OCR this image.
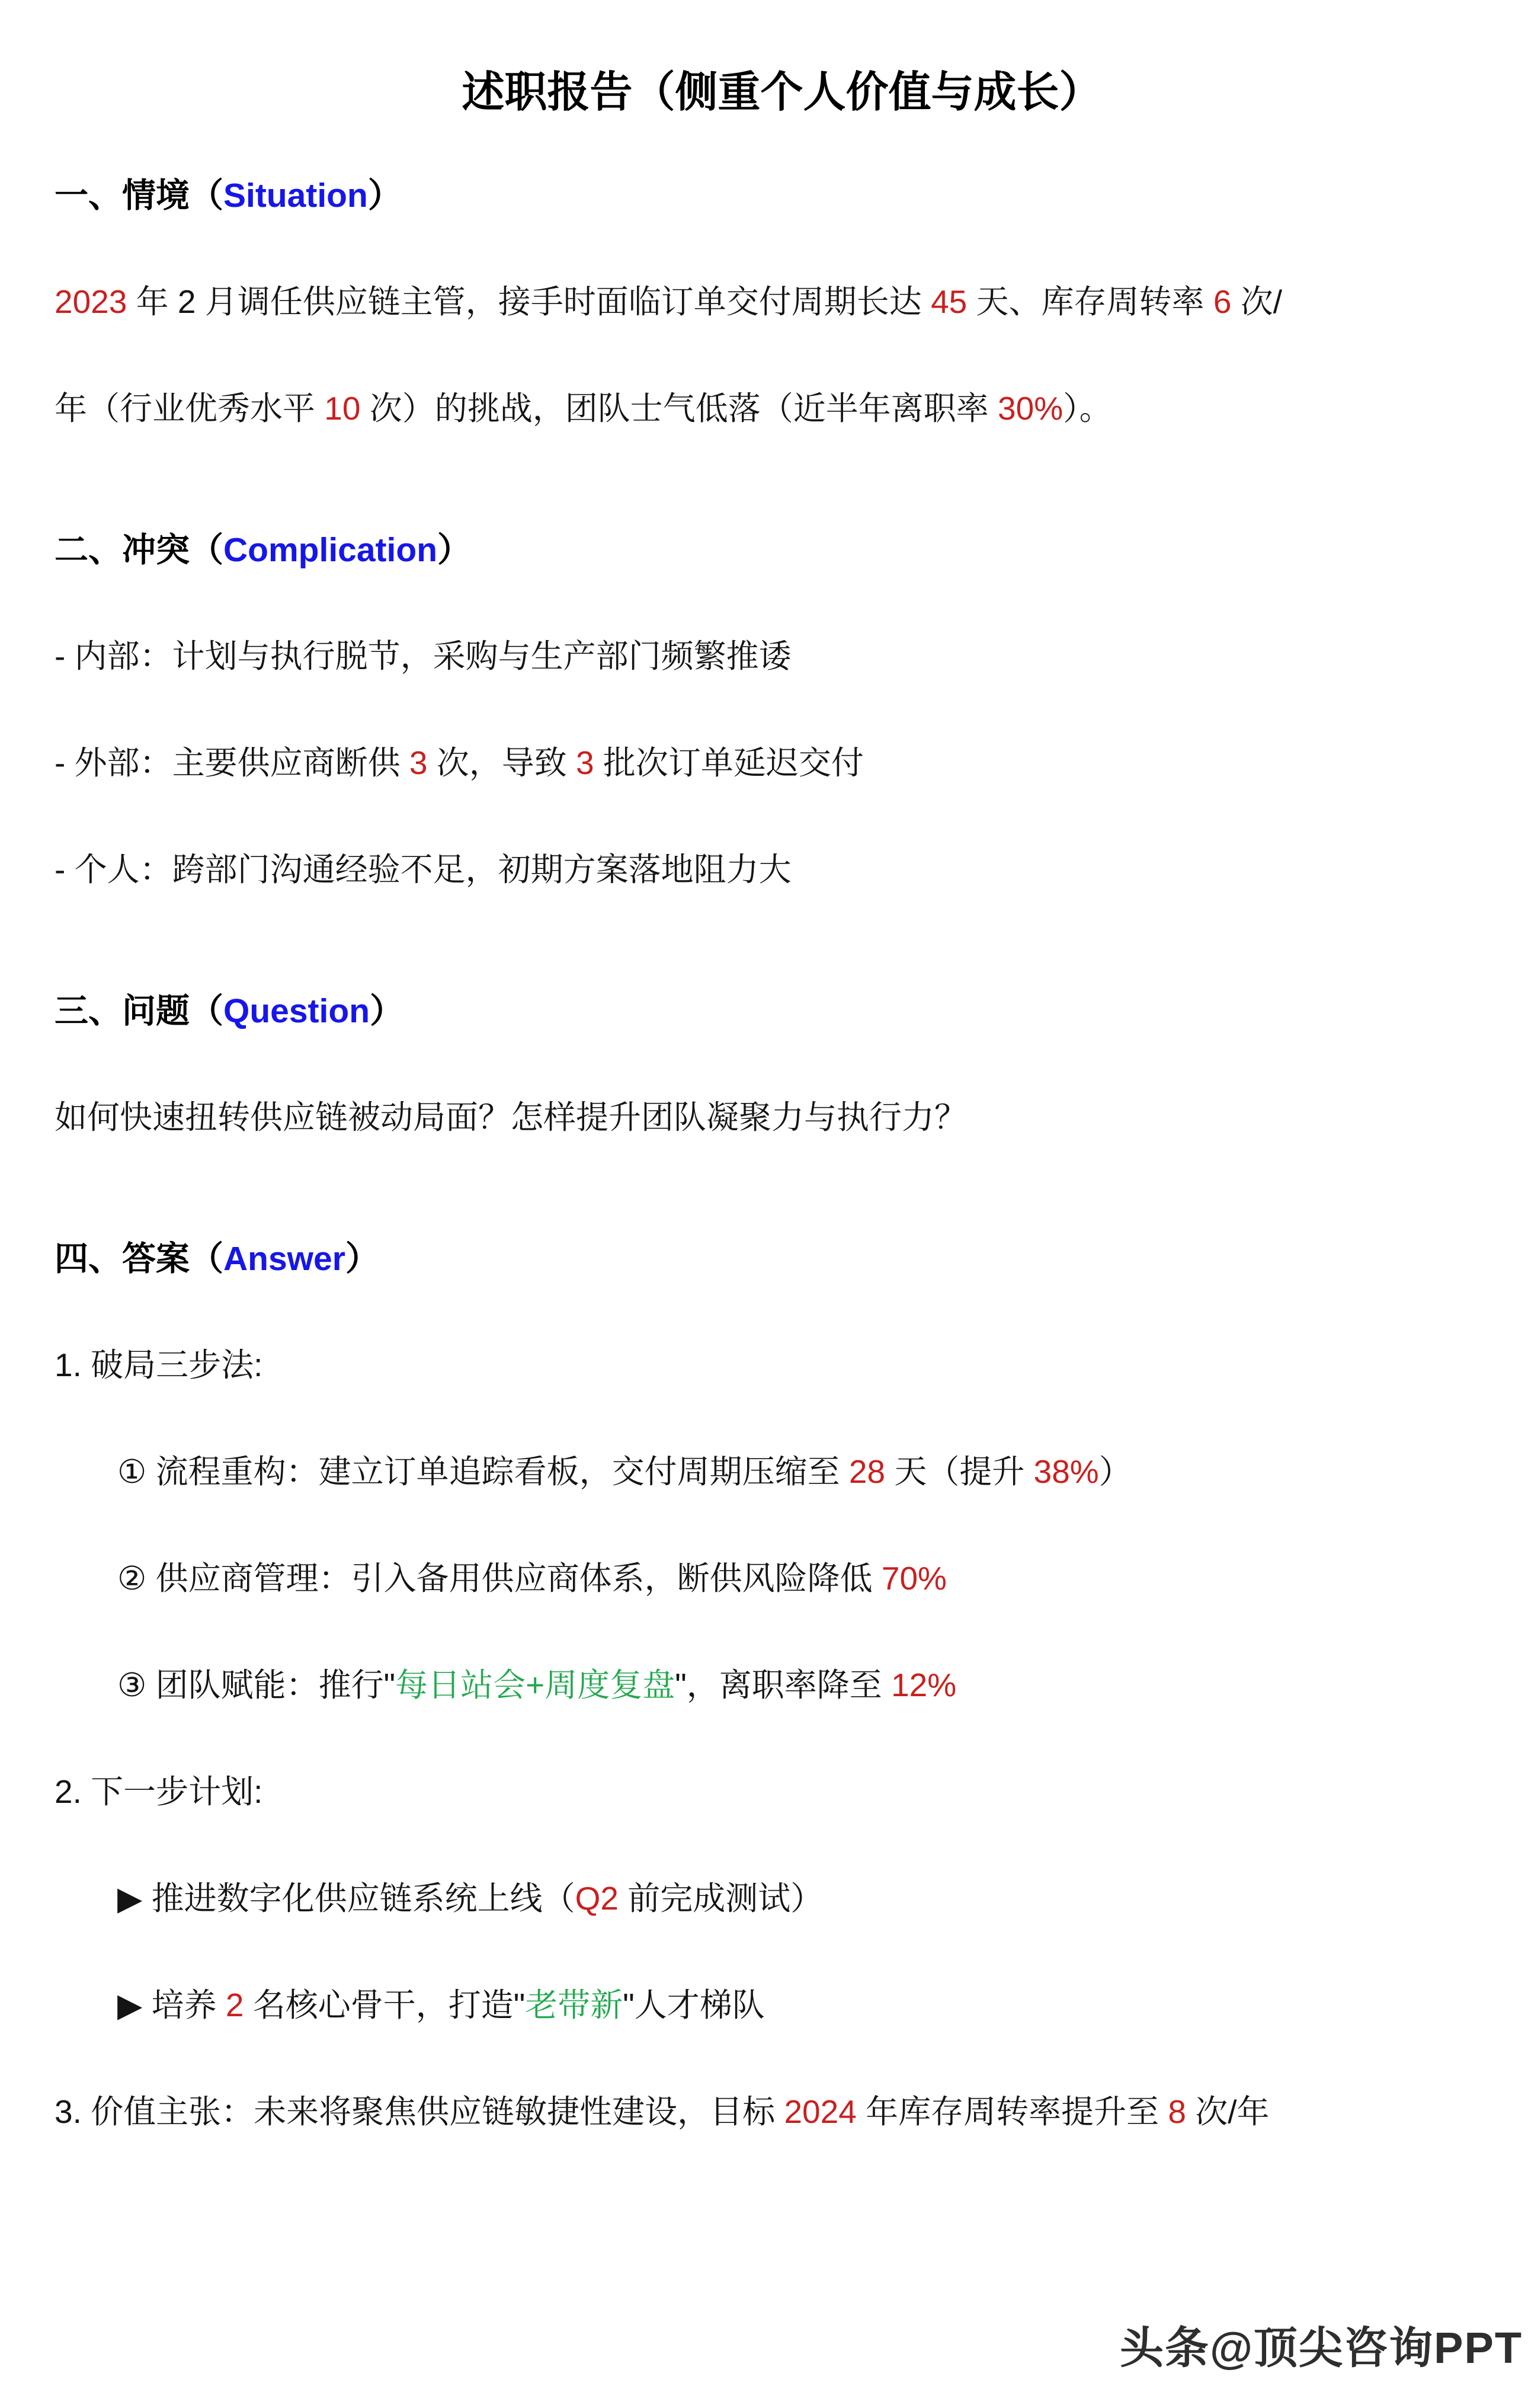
述职报告（侧重个人价值与成长）
一、情境（Situation）
2023 年 2 月调任供应链主管，接手时面临订单交付周期长达 45 天、库存周转率 6 次/
年（行业优秀水平 10 次）的挑战，团队士气低落（近半年离职率 30%）。
二、冲突（Complication）
- 内部：计划与执行脱节，采购与生产部门频繁推诿
- 外部：主要供应商断供 3 次，导致 3 批次订单延迟交付
- 个人：跨部门沟通经验不足，初期方案落地阻力大
三、问题（Question）
如何快速扭转供应链被动局面？怎样提升团队凝聚力与执行力？
四、答案（Answer）
1. 破局三步法:
① 流程重构：建立订单追踪看板，交付周期压缩至 28 天（提升 38%）
② 供应商管理：引入备用供应商体系，断供风险降低 70%
③ 团队赋能：推行"每日站会+周度复盘"，离职率降至 12%
2. 下一步计划:
▶ 推进数字化供应链系统上线（Q2 前完成测试）
▶ 培养 2 名核心骨干，打造"老带新"人才梯队
3. 价值主张：未来将聚焦供应链敏捷性建设，目标 2024 年库存周转率提升至 8 次/年
头条@顶尖咨询PPT
